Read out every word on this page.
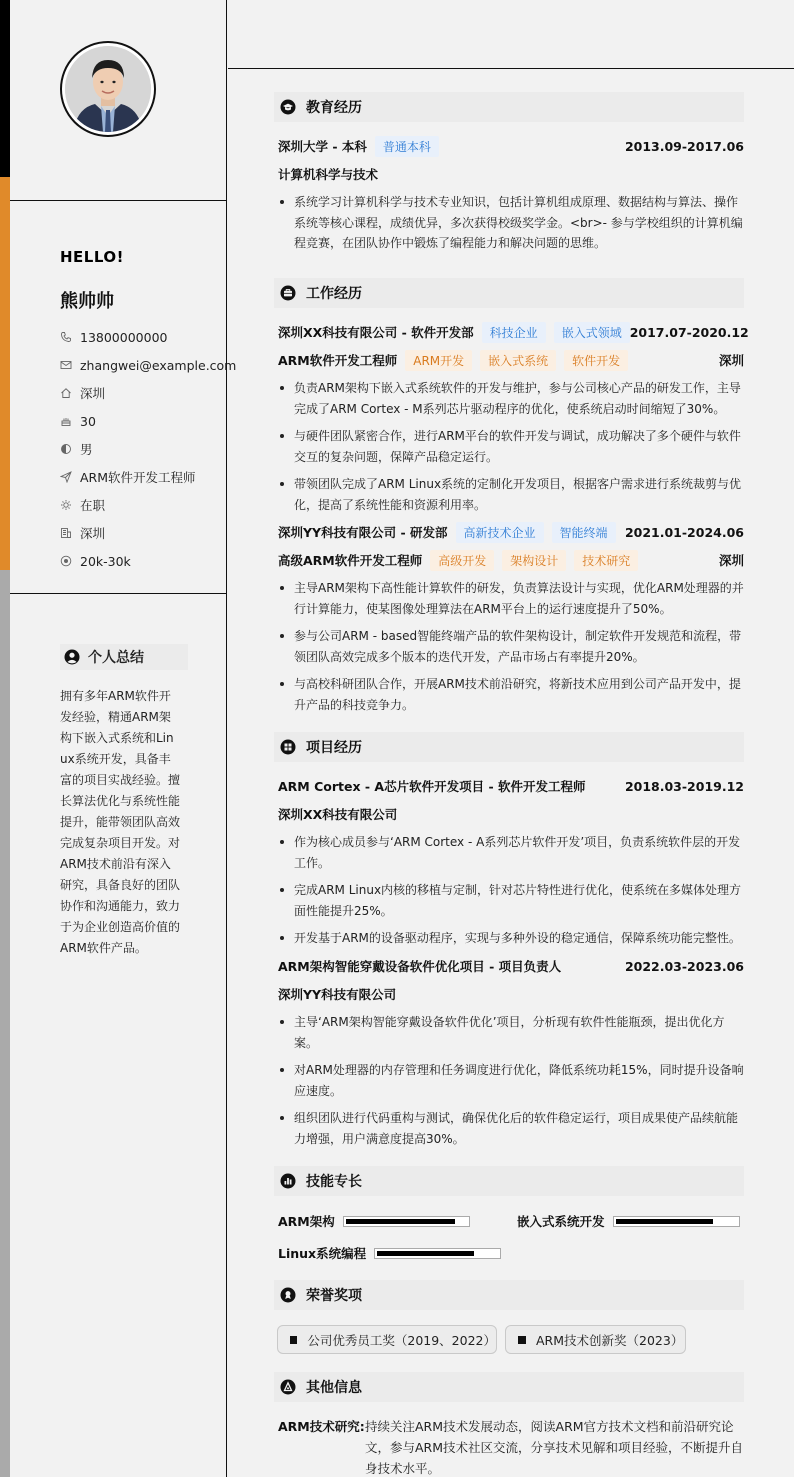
HELLO!
熊帅帅
13800000000
zhangwei@example.com
深圳
30
男
ARM软件开发工程师
在职
深圳
20k-30k
个人总结
拥有多年ARM软件开发经验，精通ARM架构下嵌入式系统和Linux系统开发，具备丰富的项目实战经验。擅长算法优化与系统性能提升，能带领团队高效完成复杂项目开发。对ARM技术前沿有深入研究，具备良好的团队协作和沟通能力，致力于为企业创造高价值的ARM软件产品。
教育经历
深圳大学 - 本科	普通本科	2013.09-2017.06
计算机科学与技术
系统学习计算机科学与技术专业知识，包括计算机组成原理、数据结构与算法、操作系统等核心课程，成绩优异，多次获得校级奖学金。<br>- 参与学校组织的计算机编程竞赛，在团队协作中锻炼了编程能力和解决问题的思维。
工作经历
深圳XX科技有限公司 - 软件开发部	科技企业	嵌入式领域 2017.07-2020.12
ARM软件开发工程师	ARM开发	嵌入式系统	软件开发	深圳
负责ARM架构下嵌入式系统软件的开发与维护，参与公司核心产品的研发工作，主导完成了ARM Cortex - M系列芯片驱动程序的优化，使系统启动时间缩短了30%。
与硬件团队紧密合作，进行ARM平台的软件开发与调试，成功解决了多个硬件与软件交互的复杂问题，保障产品稳定运行。
带领团队完成了ARM Linux系统的定制化开发项目，根据客户需求进行系统裁剪与优化，提高了系统性能和资源利用率。
深圳YY科技有限公司 - 研发部	高新技术企业	智能终端	2021.01-2024.06
高级ARM软件开发工程师	高级开发	架构设计	技术研究	深圳
主导ARM架构下高性能计算软件的研发，负责算法设计与实现，优化ARM处理器的并行计算能力，使某图像处理算法在ARM平台上的运行速度提升了50%。
参与公司ARM - based智能终端产品的软件架构设计，制定软件开发规范和流程，带领团队高效完成多个版本的迭代开发，产品市场占有率提升20%。
与高校科研团队合作，开展ARM技术前沿研究，将新技术应用到公司产品开发中，提升产品的科技竞争力。
项目经历
ARM Cortex - A芯片软件开发项目 - 软件开发工程师	2018.03-2019.12
深圳XX科技有限公司
作为核心成员参与‘ARM Cortex - A系列芯片软件开发’项目，负责系统软件层的开发工作。
完成ARM Linux内核的移植与定制，针对芯片特性进行优化，使系统在多媒体处理方面性能提升25%。
开发基于ARM的设备驱动程序，实现与多种外设的稳定通信，保障系统功能完整性。
ARM架构智能穿戴设备软件优化项目 - 项目负责人	2022.03-2023.06
深圳YY科技有限公司
主导‘ARM架构智能穿戴设备软件优化’项目，分析现有软件性能瓶颈，提出优化方案。
对ARM处理器的内存管理和任务调度进行优化，降低系统功耗15%，同时提升设备响应速度。
组织团队进行代码重构与测试，确保优化后的软件稳定运行，项目成果使产品续航能力增强，用户满意度提高30%。
技能专长
ARM架构	嵌入式系统开发
Linux系统编程
荣誉奖项
公司优秀员工奖（2019、2022）	ARM技术创新奖（2023）
其他信息
ARM技术研究: 持续关注ARM技术发展动态，阅读ARM官方技术文档和前沿研究论文，参与ARM技术社区交流，分享技术见解和项目经验，不断提升自身技术水平。
